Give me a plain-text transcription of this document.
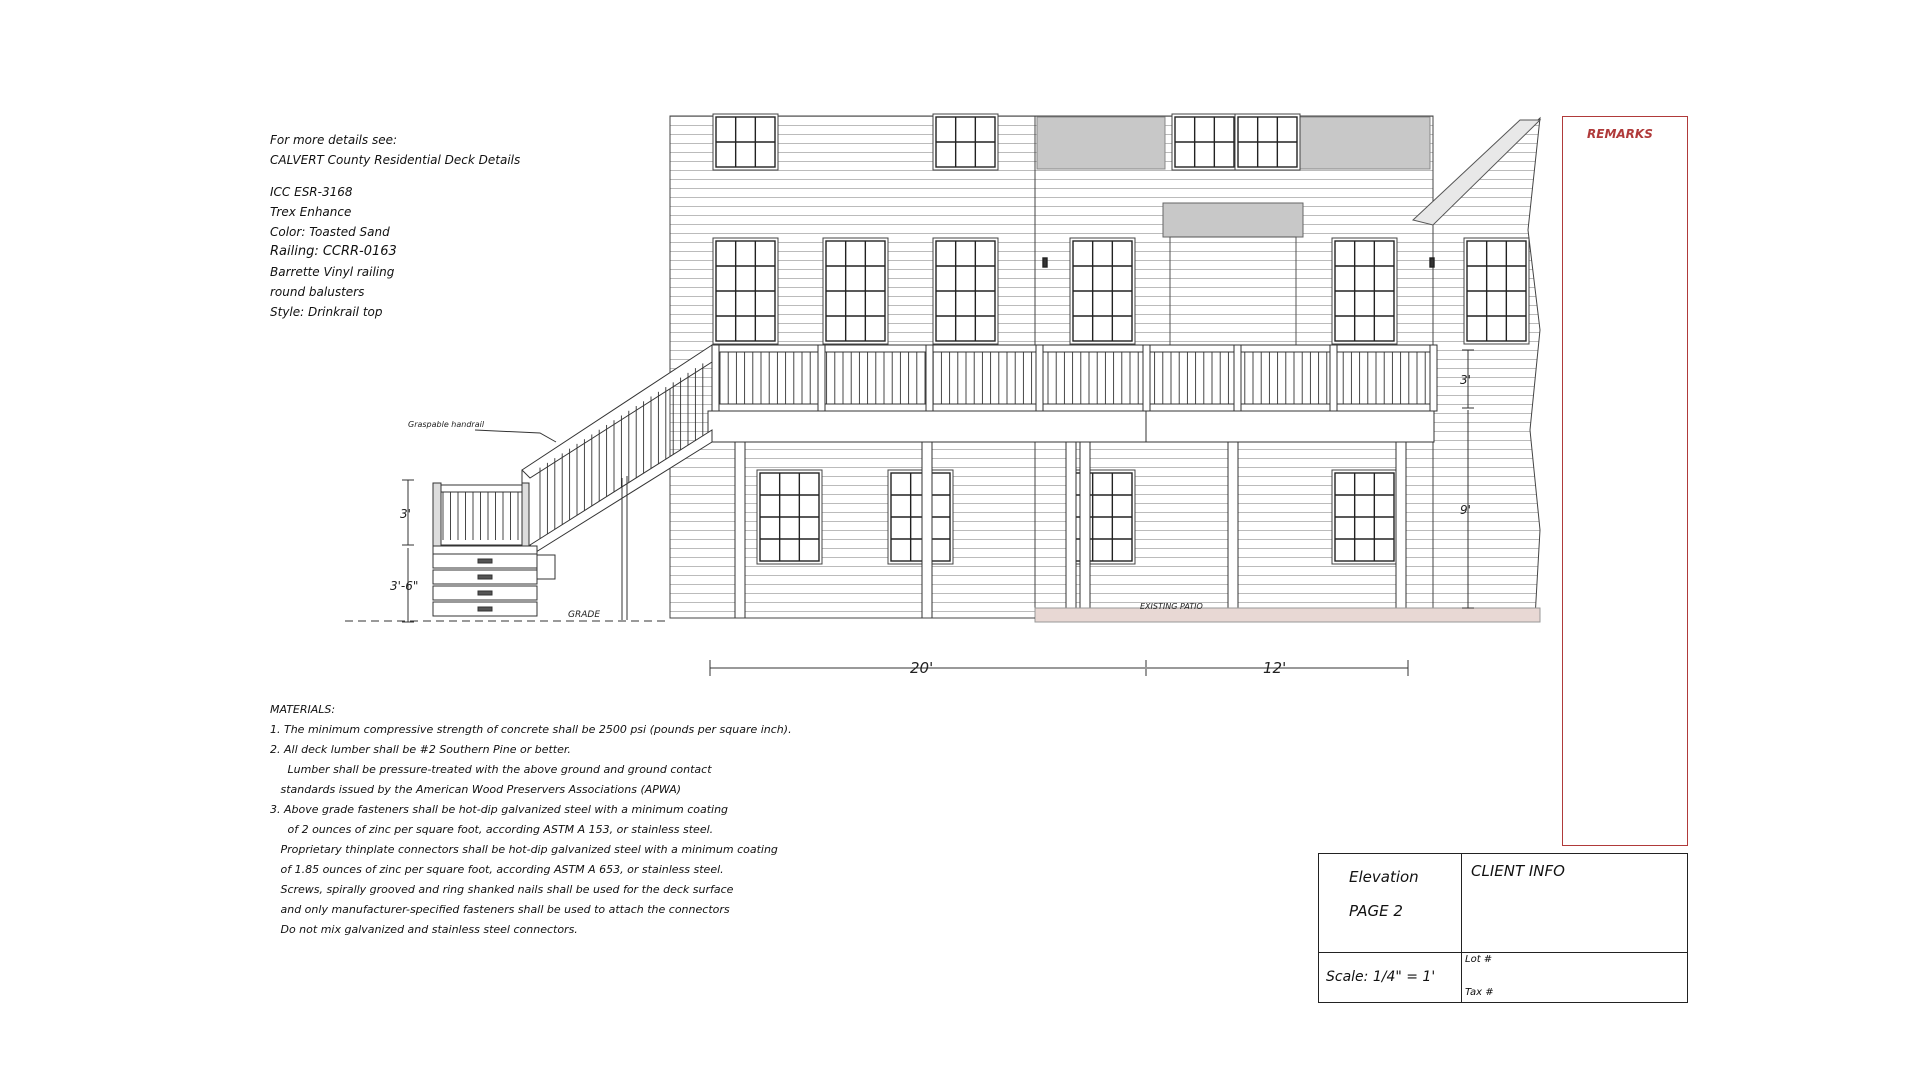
For more details see:
CALVERT County Residential Deck Details
ICC ESR-3168
Trex Enhance
Color: Toasted Sand
Railing: CCRR-0163
Barrette Vinyl railing
round balusters
Style: Drinkrail top
GRADE
EXISTING PATIO
Graspable handrail
3'
3'-6"
3'
9'
20'	12'
MATERIALS:
1. The minimum compressive strength of concrete shall be 2500 psi (pounds per square inch).
2. All deck lumber shall be #2 Southern Pine or better.
Lumber shall be pressure-treated with the above ground and ground contact
standards issued by the American Wood Preservers Associations (APWA)
3. Above grade fasteners shall be hot-dip galvanized steel with a minimum coating
of 2 ounces of zinc per square foot, according ASTM A 153, or stainless steel.
Proprietary thinplate connectors shall be hot-dip galvanized steel with a minimum coating
of 1.85 ounces of zinc per square foot, according ASTM A 653, or stainless steel.
Screws, spirally grooved and ring shanked nails shall be used for the deck surface
and only manufacturer-specified fasteners shall be used to attach the connectors
Do not mix galvanized and stainless steel connectors.
REMARKS
Elevation
PAGE 2
Scale: 1/4" = 1'
CLIENT INFO
Lot #
Tax #
